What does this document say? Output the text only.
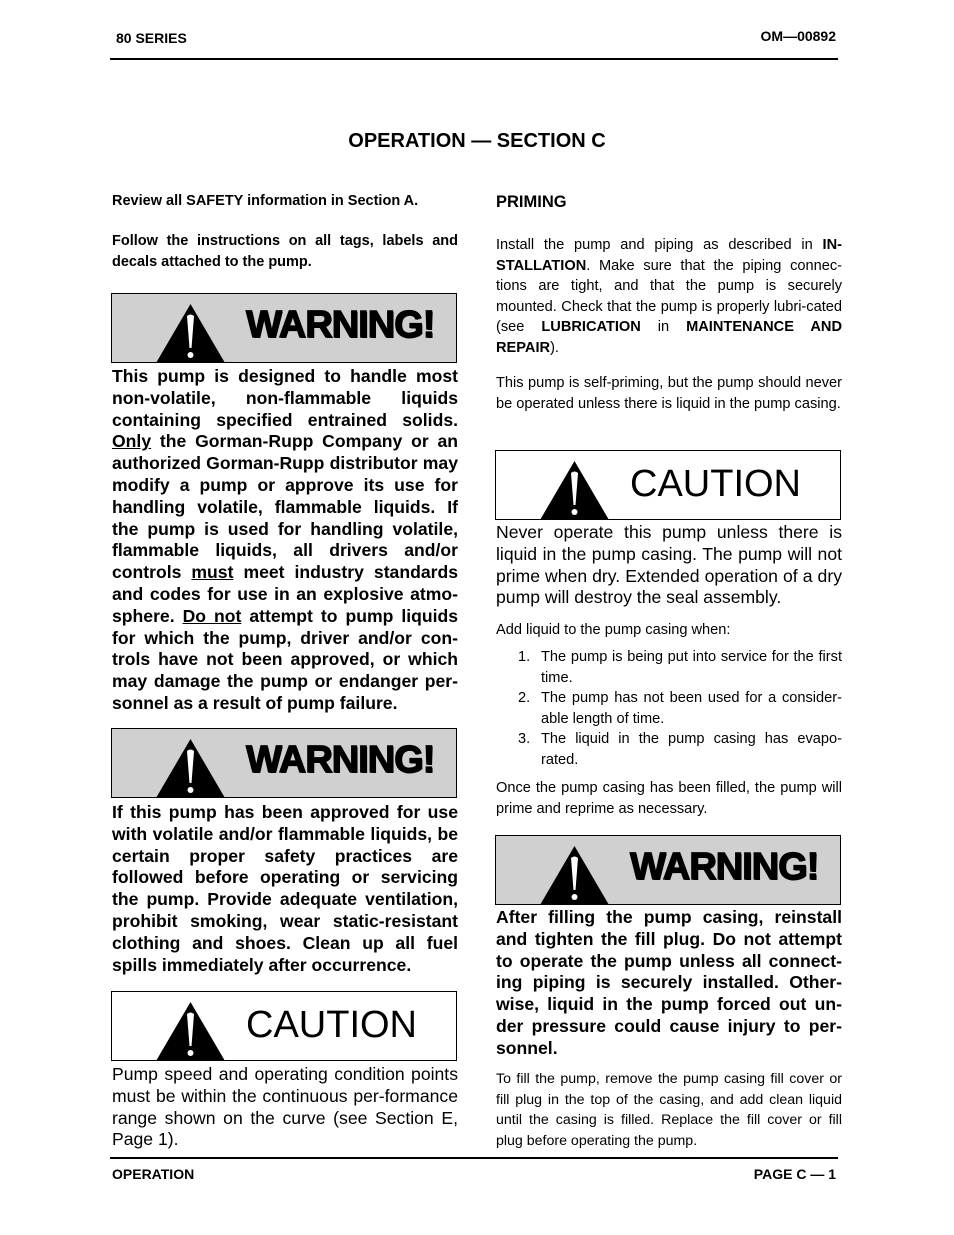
80 SERIES	OM—00892
OPERATION — SECTION C
Review all SAFETY information in Section A.
Follow the instructions on all tags, labels and decals attached to the pump.
WARNING!
This pump is designed to handle most non-volatile, non-flammable liquids containing specified entrained solids. Only the Gorman-Rupp Company or an authorized Gorman-Rupp distributor may modify a pump or approve its use for handling volatile, flammable liquids. If the pump is used for handling volatile, flammable liquids, all drivers and/or controls must meet industry standards and codes for use in an explosive atmo-sphere. Do not attempt to pump liquids for which the pump, driver and/or con-trols have not been approved, or which may damage the pump or endanger per-sonnel as a result of pump failure.
WARNING!
If this pump has been approved for use with volatile and/or flammable liquids, be certain proper safety practices are followed before operating or servicing the pump. Provide adequate ventilation, prohibit smoking, wear static-resistant clothing and shoes. Clean up all fuel spills immediately after occurrence.
CAUTION
Pump speed and operating condition points must be within the continuous per-formance range shown on the curve (see Section E, Page 1).
PRIMING
Install the pump and piping as described in IN-STALLATION. Make sure that the piping connec-tions are tight, and that the pump is securely mounted. Check that the pump is properly lubri-cated (see LUBRICATION in MAINTENANCE AND REPAIR).
This pump is self-priming, but the pump should never be operated unless there is liquid in the pump casing.
CAUTION
Never operate this pump unless there is liquid in the pump casing. The pump will not prime when dry. Extended operation of a dry pump will destroy the seal assembly.
Add liquid to the pump casing when:
1. The pump is being put into service for the first time.
2. The pump has not been used for a consider-able length of time.
3. The liquid in the pump casing has evapo-rated.
Once the pump casing has been filled, the pump will prime and reprime as necessary.
WARNING!
After filling the pump casing, reinstall and tighten the fill plug. Do not attempt to operate the pump unless all connect-ing piping is securely installed. Other-wise, liquid in the pump forced out un-der pressure could cause injury to per-sonnel.
To fill the pump, remove the pump casing fill cover or fill plug in the top of the casing, and add clean liquid until the casing is filled. Replace the fill cover or fill plug before operating the pump.
OPERATION	PAGE C — 1
